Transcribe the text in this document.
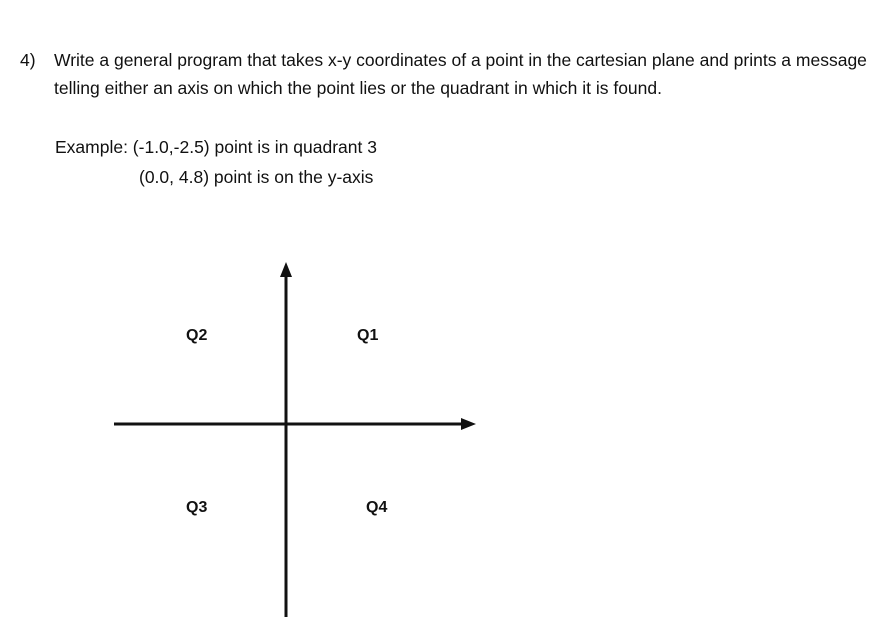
4) Write a general program that takes x-y coordinates of a point in the cartesian plane and prints a message telling either an axis on which the point lies or the quadrant in which it is found.
Example: (-1.0,-2.5) point is in quadrant 3
(0.0, 4.8) point is on the y-axis
Q2	Q1
Q3	Q4
